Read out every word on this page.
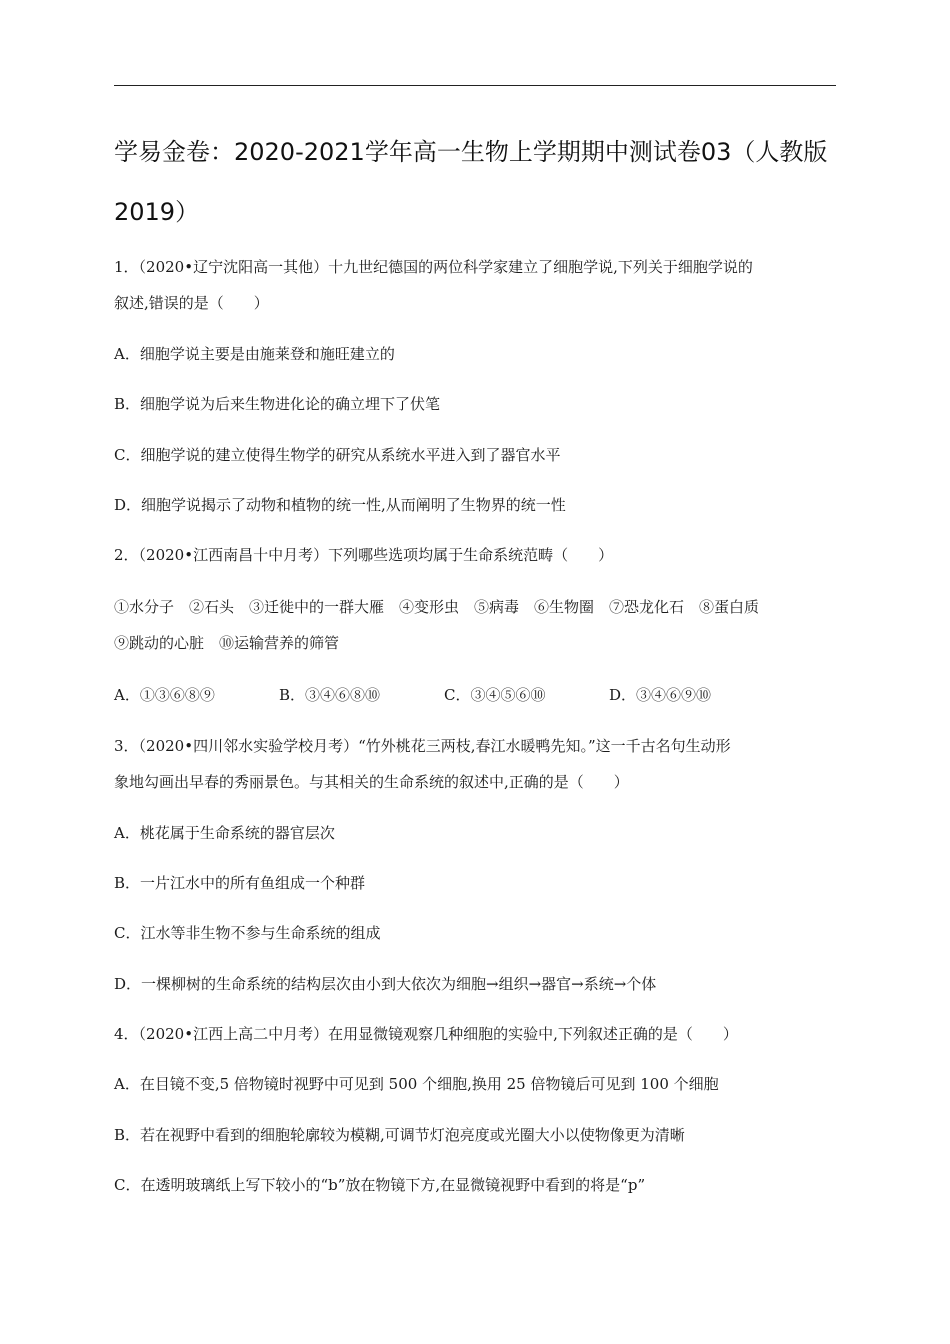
学易金卷：2020-2021学年高一生物上学期期中测试卷03（人教版
2019）
1．（2020•辽宁沈阳高一其他）十九世纪德国的两位科学家建立了细胞学说,下列关于细胞学说的
叙述,错误的是（　　）
A．细胞学说主要是由施莱登和施旺建立的
B．细胞学说为后来生物进化论的确立埋下了伏笔
C．细胞学说的建立使得生物学的研究从系统水平进入到了器官水平
D．细胞学说揭示了动物和植物的统一性,从而阐明了生物界的统一性
2．（2020•江西南昌十中月考）下列哪些选项均属于生命系统范畴（　　）
①水分子　②石头　③迁徙中的一群大雁　④变形虫　⑤病毒　⑥生物圈　⑦恐龙化石　⑧蛋白质
⑨跳动的心脏　⑩运输营养的筛管
A．①③⑥⑧⑨	B．③④⑥⑧⑩	C．③④⑤⑥⑩	D．③④⑥⑨⑩
3．（2020•四川邻水实验学校月考）“竹外桃花三两枝,春江水暖鸭先知。”这一千古名句生动形
象地勾画出早春的秀丽景色。与其相关的生命系统的叙述中,正确的是（　　）
A．桃花属于生命系统的器官层次
B．一片江水中的所有鱼组成一个种群
C．江水等非生物不参与生命系统的组成
D．一棵柳树的生命系统的结构层次由小到大依次为细胞→组织→器官→系统→个体
4．（2020•江西上高二中月考）在用显微镜观察几种细胞的实验中,下列叙述正确的是（　　）
A．在目镜不变,5 倍物镜时视野中可见到 500 个细胞,换用 25 倍物镜后可见到 100 个细胞
B．若在视野中看到的细胞轮廓较为模糊,可调节灯泡亮度或光圈大小以使物像更为清晰
C．在透明玻璃纸上写下较小的“b”放在物镜下方,在显微镜视野中看到的将是“p”
